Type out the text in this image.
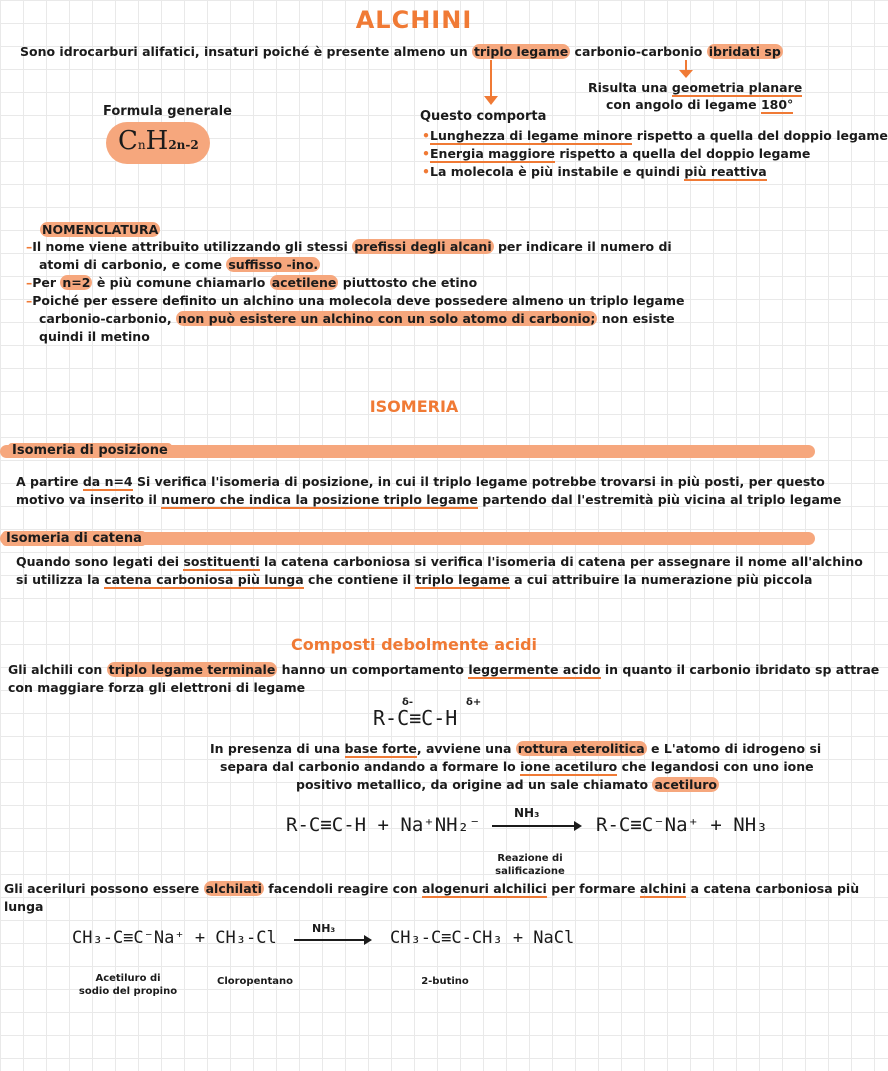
ALCHINI
Sono idrocarburi alifatici, insaturi poiché è presente almeno un triplo legame carbonio-carbonio ibridati sp
Risulta una geometria planare
con angolo di legame 180°
Formula generale
CnH2n-2
Questo comporta
•Lunghezza di legame minore rispetto a quella del doppio legame
•Energia maggiore rispetto a quella del doppio legame
•La molecola è più instabile e quindi più reattiva
NOMENCLATURA
–Il nome viene attribuito utilizzando gli stessi prefissi degli alcani per indicare il numero di
atomi di carbonio, e come suffisso -ino.
–Per n=2 è più comune chiamarlo acetilene piuttosto che etino
–Poiché per essere definito un alchino una molecola deve possedere almeno un triplo legame
carbonio-carbonio, non può esistere un alchino con un solo atomo di carbonio; non esiste
quindi il metino
ISOMERIA
Isomeria di posizione
A partire da n=4 Si verifica l'isomeria di posizione, in cui il triplo legame potrebbe trovarsi in più posti, per questo
motivo va inserito il numero che indica la posizione triplo legame partendo dal l'estremità più vicina al triplo legame
Isomeria di catena
Quando sono legati dei sostituenti la catena carboniosa si verifica l'isomeria di catena per assegnare il nome all'alchino
si utilizza la catena carboniosa più lunga che contiene il triplo legame a cui attribuire la numerazione più piccola
Composti debolmente acidi
Gli alchili con triplo legame terminale hanno un comportamento leggermente acido in quanto il carbonio ibridato sp attrae
con maggiare forza gli elettroni di legame
δ-	δ+
R-C≡C-H
In presenza di una base forte, avviene una rottura eterolitica e L'atomo di idrogeno si
separa dal carbonio andando a formare lo ione acetiluro che legandosi con uno ione
positivo metallico, da origine ad un sale chiamato acetiluro
R-C≡C-H + Na⁺NH₂⁻
NH₃
R-C≡C⁻Na⁺ + NH₃
Reazione di salificazione
Gli aceriluri possono essere alchilati facendoli reagire con alogenuri alchilici per formare alchini a catena carboniosa più
lunga
CH₃-C≡C⁻Na⁺ + CH₃-Cl	NH₃	CH₃-C≡C-CH₃ + NaCl
Acetiluro di
sodio del propino
Cloropentano	2-butino
